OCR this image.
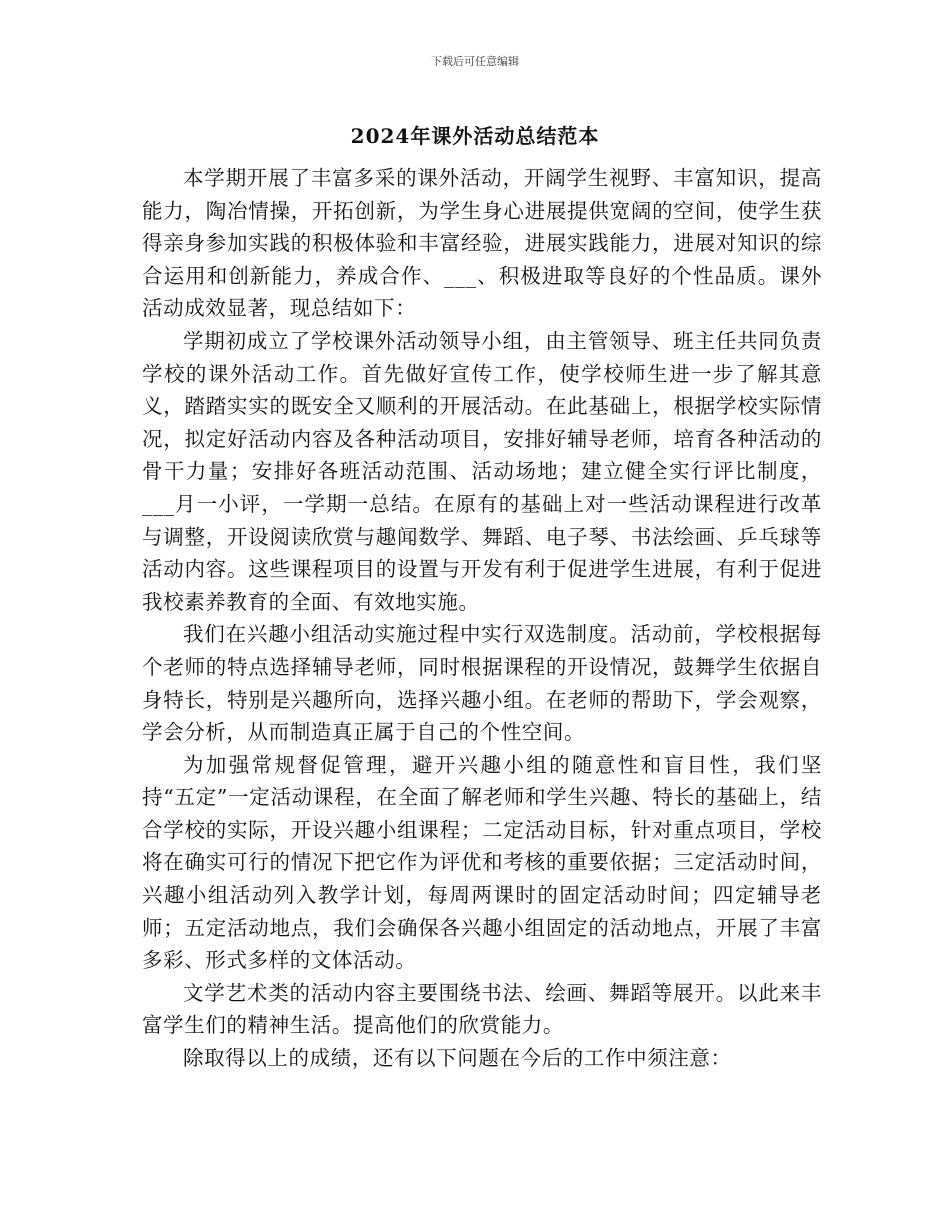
下载后可任意编辑
2024年课外活动总结范本

本学期开展了丰富多采的课外活动，开阔学生视野、丰富知识，提高能力，陶冶情操，开拓创新，为学生身心进展提供宽阔的空间，使学生获得亲身参加实践的积极体验和丰富经验，进展实践能力，进展对知识的综合运用和创新能力，养成合作、___、积极进取等良好的个性品质。课外活动成效显著，现总结如下：

学期初成立了学校课外活动领导小组，由主管领导、班主任共同负责学校的课外活动工作。首先做好宣传工作，使学校师生进一步了解其意义，踏踏实实的既安全又顺利的开展活动。在此基础上，根据学校实际情况，拟定好活动内容及各种活动项目，安排好辅导老师，培育各种活动的骨干力量；安排好各班活动范围、活动场地；建立健全实行评比制度，___月一小评，一学期一总结。在原有的基础上对一些活动课程进行改革与调整，开设阅读欣赏与趣闻数学、舞蹈、电子琴、书法绘画、乒乓球等活动内容。这些课程项目的设置与开发有利于促进学生进展，有利于促进我校素养教育的全面、有效地实施。

我们在兴趣小组活动实施过程中实行双选制度。活动前，学校根据每个老师的特点选择辅导老师，同时根据课程的开设情况，鼓舞学生依据自身特长，特别是兴趣所向，选择兴趣小组。在老师的帮助下，学会观察，学会分析，从而制造真正属于自己的个性空间。

为加强常规督促管理，避开兴趣小组的随意性和盲目性，我们坚持“五定”一定活动课程，在全面了解老师和学生兴趣、特长的基础上，结合学校的实际，开设兴趣小组课程；二定活动目标，针对重点项目，学校将在确实可行的情况下把它作为评优和考核的重要依据；三定活动时间，兴趣小组活动列入教学计划，每周两课时的固定活动时间；四定辅导老师；五定活动地点，我们会确保各兴趣小组固定的活动地点，开展了丰富多彩、形式多样的文体活动。

文学艺术类的活动内容主要围绕书法、绘画、舞蹈等展开。以此来丰富学生们的精神生活。提高他们的欣赏能力。

除取得以上的成绩，还有以下问题在今后的工作中须注意：
